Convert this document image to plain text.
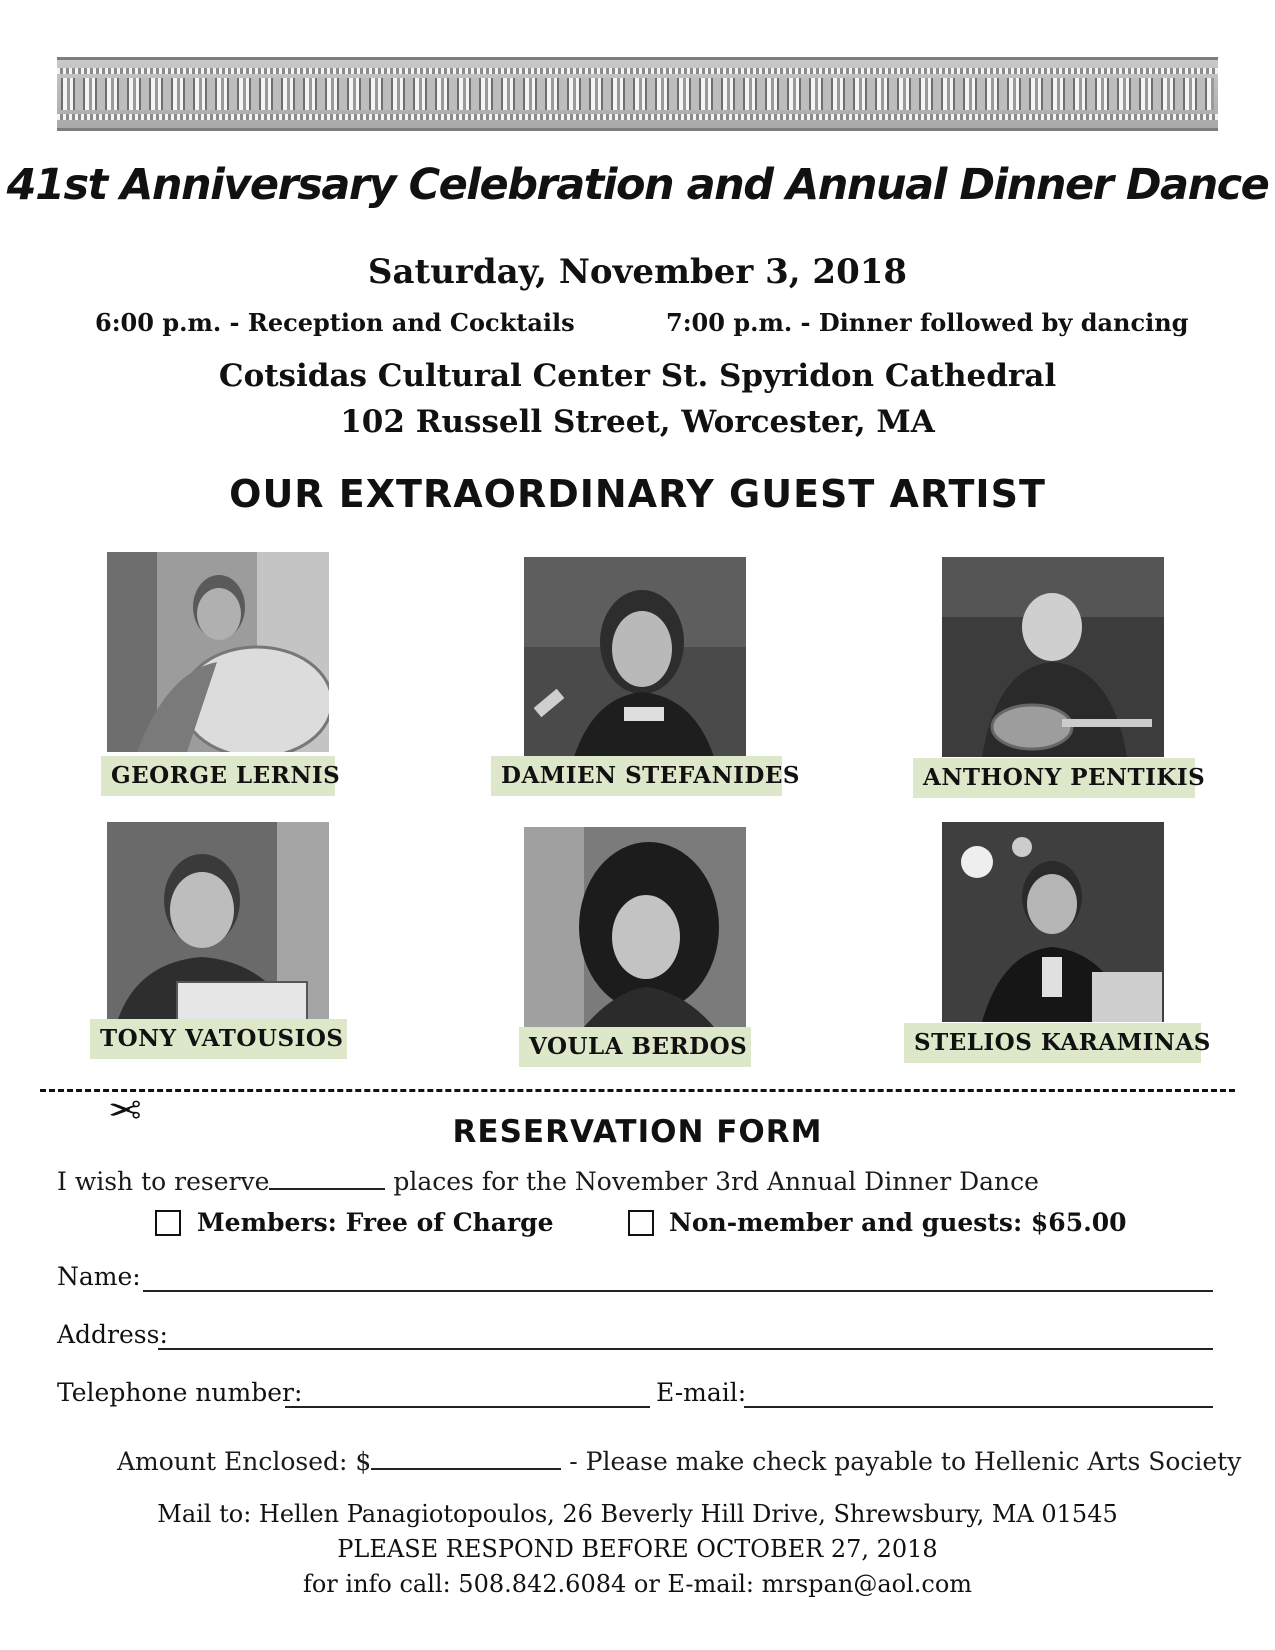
41st Anniversary Celebration and Annual Dinner Dance
Saturday, November 3, 2018
6:00 p.m. - Reception and Cocktails	7:00 p.m. - Dinner followed by dancing
Cotsidas Cultural Center St. Spyridon Cathedral
102 Russell Street, Worcester, MA
OUR EXTRAORDINARY GUEST ARTIST
GEORGE LERNIS	DAMIEN STEFANIDES	ANTHONY PENTIKIS
TONY VATOUSIOS	VOULA BERDOS	STELIOS KARAMINAS
✂
RESERVATION FORM
I wish to reserve	places for the November 3rd Annual Dinner Dance
Members: Free of Charge	Non-member and guests: $65.00
Name:
Address:
Telephone number:	E-mail:
Amount Enclosed: $	- Please make check payable to Hellenic Arts Society
Mail to: Hellen Panagiotopoulos, 26 Beverly Hill Drive, Shrewsbury, MA 01545
PLEASE RESPOND BEFORE OCTOBER 27, 2018
for info call: 508.842.6084 or E-mail: mrspan@aol.com
